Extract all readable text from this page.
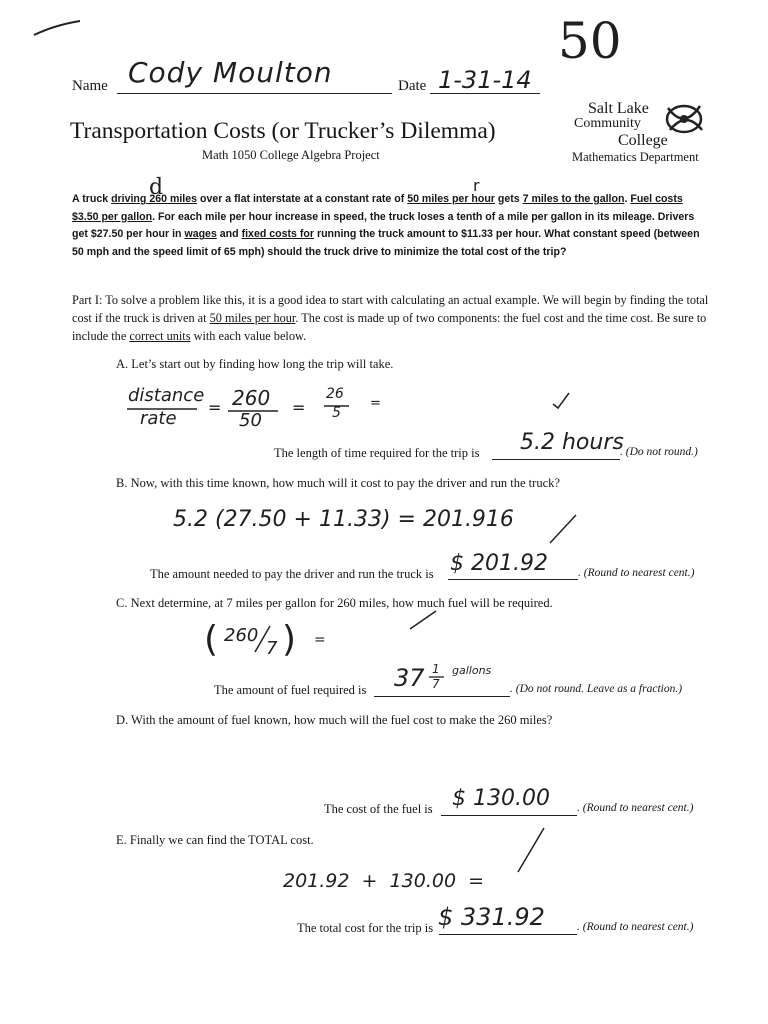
50
Name Cody Moulton	Date 1-31-14
Transportation Costs (or Trucker’s Dilemma)
Math 1050 College Algebra Project
Salt Lake
Community
College
Mathematics Department
d	r
A truck driving 260 miles over a flat interstate at a constant rate of 50 miles per hour gets 7 miles to the gallon. Fuel costs $3.50 per gallon. For each mile per hour increase in speed, the truck loses a tenth of a mile per gallon in its mileage. Drivers get $27.50 per hour in wages and fixed costs for running the truck amount to $11.33 per hour. What constant speed (between 50 mph and the speed limit of 65 mph) should the truck drive to minimize the total cost of the trip?
Part I: To solve a problem like this, it is a good idea to start with calculating an actual example. We will begin by finding the total cost if the truck is driven at 50 miles per hour. The cost is made up of two components: the fuel cost and the time cost. Be sure to include the correct units with each value below.
A. Let’s start out by finding how long the trip will take.
distance
rate
= 260
50
=
26
5
=
The length of time required for the trip is 5.2 hours
. (Do not round.)
B. Now, with this time known, how much will it cost to pay the driver and run the truck?
5.2 (27.50 + 11.33) = 201.916
The amount needed to pay the driver and run the truck is $ 201.92	. (Round to nearest cent.)
C. Next determine, at 7 miles per gallon for 260 miles, how much fuel will be required.
( 260
7 ) =
The amount of fuel required is 37 1
7
gallons
. (Do not round. Leave as a fraction.)
D. With the amount of fuel known, how much will the fuel cost to make the 260 miles?
The cost of the fuel is $ 130.00 . (Round to nearest cent.)
E. Finally we can find the TOTAL cost.
201.92  +  130.00  =
The total cost for the trip is $ 331.92	. (Round to nearest cent.)
